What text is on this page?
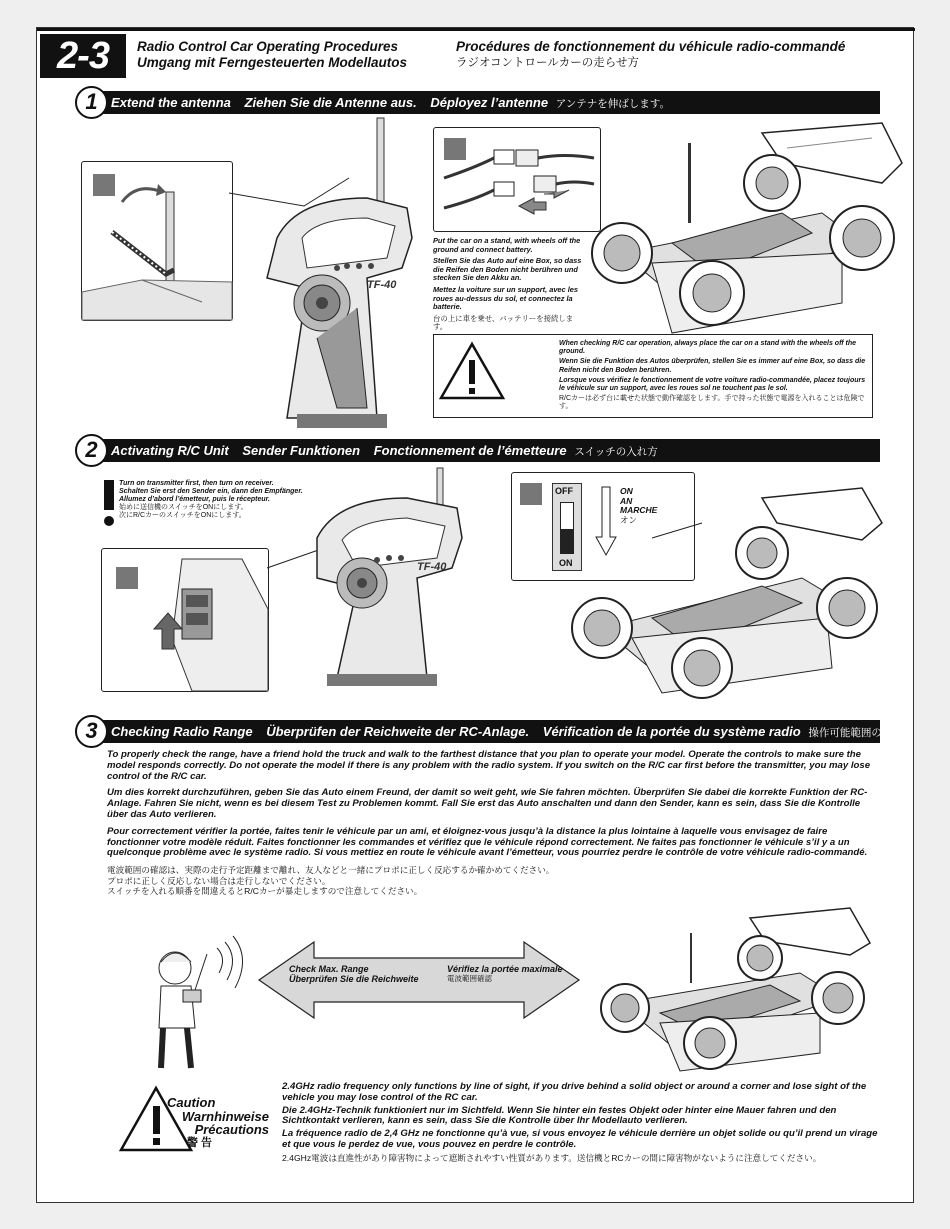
2-3	Radio Control Car Operating Procedures
Umgang mit Ferngesteuerten Modellautos
Procédures de fonctionnement du véhicule radio-commandé
ラジオコントロールカーの走らせ方
Extend the antenna Ziehen Sie die Antenne aus. Déployez l’antenne アンテナを伸ばします。
1
TF-40

Put the car on a stand, with wheels off the ground and connect battery.

Stellen Sie das Auto auf eine Box, so dass die Reifen den Boden nicht berühren und stecken Sie den Akku an.

Mettez la voiture sur un support, avec les roues au-dessus du sol, et connectez la batterie.

台の上に車を乗せ、バッテリーを接続します。

When checking R/C car operation, always place the car on a stand with the wheels off the ground.

Wenn Sie die Funktion des Autos überprüfen, stellen Sie es immer auf eine Box, so dass die Reifen nicht den Boden berühren.

Lorsque vous vérifiez le fonctionnement de votre voiture radio-commandée, placez toujours le véhicule sur un support, avec les roues sol ne touchent pas le sol.

R/Cカーは必ず台に載せた状態で動作確認をします。手で持った状態で電源を入れることは危険です。

Activating R/C Unit Sender Funktionen Fonctionnement de l’émetteure スイッチの入れ方
2

Turn on transmitter first, then turn on receiver.

Schalten Sie erst den Sender ein, dann den Empfänger.

Allumez d’abord l’émetteur, puis le récepteur.

始めに送信機のスイッチをONにします。

次にR/CカーのスイッチをONにします。

TF-40
OFF
ON
ON
AN
MARCHE
オン
Checking Radio Range Überprüfen der Reichweite der RC-Anlage. Vérification de la portée du système radio 操作可能範囲の確認
3

To properly check the range, have a friend hold the truck and walk to the farthest distance that you plan to operate your model. Operate the controls to make sure the model responds correctly. Do not operate the model if there is any problem with the radio system. If you switch on the R/C car first before the transmitter, you may lose control of the R/C car.

Um dies korrekt durchzuführen, geben Sie das Auto einem Freund, der damit so weit geht, wie Sie fahren möchten. Überprüfen Sie dabei die korrekte Funktion der RC-Anlage. Fahren Sie nicht, wenn es bei diesem Test zu Problemen kommt. Fall Sie erst das Auto anschalten und dann den Sender, kann es sein, dass Sie die Kontrolle über das Auto verlieren.

Pour correctement vérifier la portée, faites tenir le véhicule par un ami, et éloignez-vous jusqu’à la distance la plus lointaine à laquelle vous envisagez de faire fonctionner votre modèle réduit. Faites fonctionner les commandes et vérifiez que le véhicule répond correctement. Ne faites pas fonctionner le véhicule s’il y a un quelconque problème avec le système radio. Si vous mettiez en route le véhicule avant l’émetteur, vous pourriez perdre le contrôle de votre véhicule radio-commandé.

電波範囲の確認は、実際の走行予定距離まで離れ、友人などと一緒にプロポに正しく反応するか確かめてください。

プロポに正しく反応しない場合は走行しないでください。

スイッチを入れる順番を間違えるとR/Cカーが暴走しますので注意してください。

Check Max. Range
Überprüfen Sie die Reichweite
Vérifiez la portée maximale
電波範囲確認
Caution
Warnhinweise
Précautions
警 告

2.4GHz radio frequency only functions by line of sight, if you drive behind a solid object or around a corner and lose sight of the vehicle you may lose control of the RC car.

Die 2.4GHz-Technik funktioniert nur im Sichtfeld. Wenn Sie hinter ein festes Objekt oder hinter eine Mauer fahren und den Sichtkontakt verlieren, kann es sein, dass Sie die Kontrolle über Ihr Modellauto verlieren.

La fréquence radio de 2,4 GHz ne fonctionne qu’à vue, si vous envoyez le véhicule derrière un objet solide ou qu’il prend un virage et que vous le perdez de vue, vous pouvez en perdre le contrôle.

2.4GHz電波は直進性があり障害物によって遮断されやすい性質があります。送信機とRCカーの間に障害物がないように注意してください。
